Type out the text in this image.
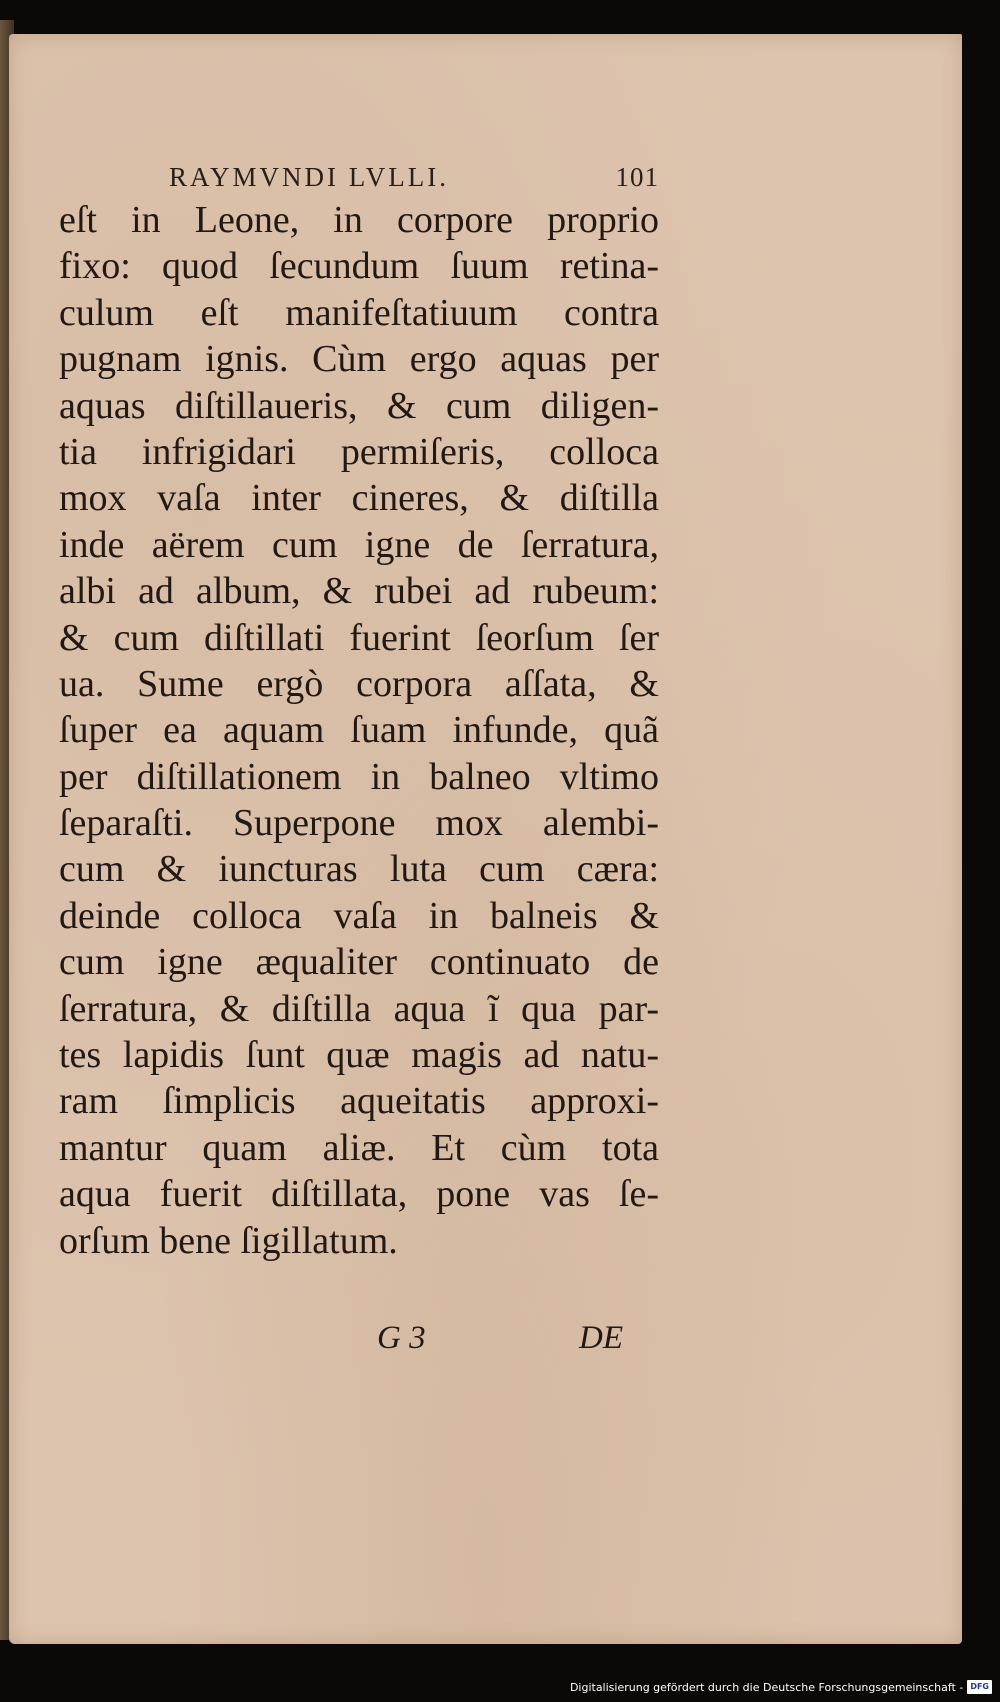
RAYMVNDI LVLLI.	101
eſt in Leone, in corpore proprio
fixo: quod ſecundum ſuum retina-
culum eſt manifeſtatiuum contra
pugnam ignis. Cùm ergo aquas per
aquas diſtillaueris, & cum diligen-
tia infrigidari permiſeris, colloca
mox vaſa inter cineres, & diſtilla
inde aërem cum igne de ſerratura,
albi ad album, & rubei ad rubeum:
& cum diſtillati fuerint ſeorſum ſer
ua. Sume ergò corpora aſſata, &
ſuper ea aquam ſuam infunde, quã
per diſtillationem in balneo vltimo
ſeparaſti. Superpone mox alembi-
cum & iuncturas luta cum cæra:
deinde colloca vaſa in balneis &
cum igne æqualiter continuato de
ſerratura, & diſtilla aqua ĩ qua par-
tes lapidis ſunt quæ magis ad natu-
ram ſimplicis aqueitatis approxi-
mantur quam aliæ. Et cùm tota
aqua fuerit diſtillata, pone vas ſe-
orſum bene ſigillatum.
G 3	DE
Digitalisierung gefördert durch die Deutsche Forschungsgemeinschaft - DFG
